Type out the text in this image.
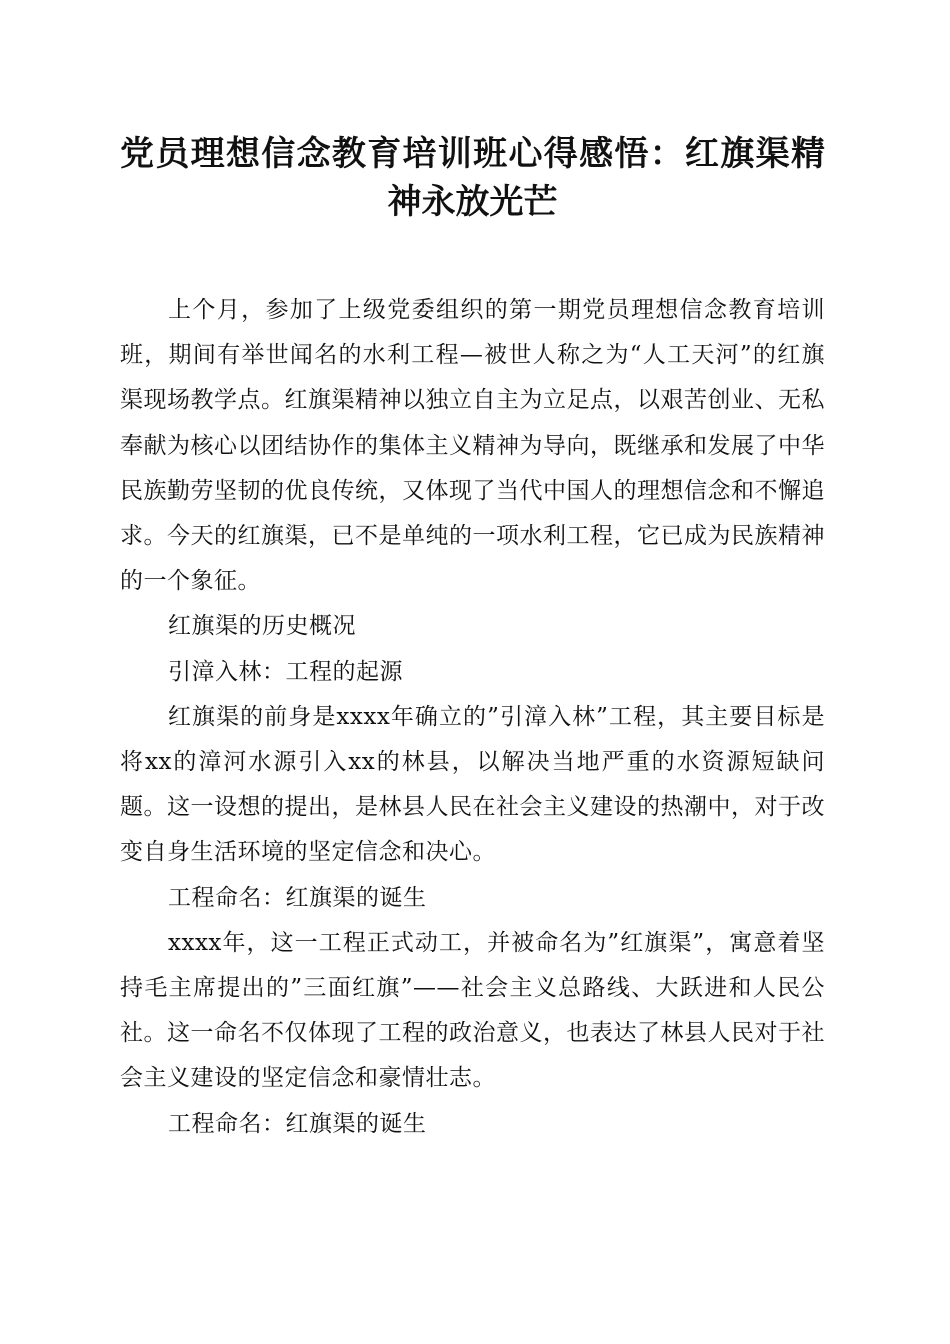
党员理想信念教育培训班心得感悟：红旗渠精神永放光芒

上个月，参加了上级党委组织的第一期党员理想信念教育培训班，期间有举世闻名的水利工程—被世人称之为“人工天河”的红旗渠现场教学点。红旗渠精神以独立自主为立足点，以艰苦创业、无私奉献为核心以团结协作的集体主义精神为导向，既继承和发展了中华民族勤劳坚韧的优良传统，又体现了当代中国人的理想信念和不懈追求。今天的红旗渠，已不是单纯的一项水利工程，它已成为民族精神的一个象征。

红旗渠的历史概况

引漳入林：工程的起源

红旗渠的前身是xxxx年确立的”引漳入林”工程，其主要目标是将xx的漳河水源引入xx的林县，以解决当地严重的水资源短缺问题。这一设想的提出，是林县人民在社会主义建设的热潮中，对于改变自身生活环境的坚定信念和决心。

工程命名：红旗渠的诞生

xxxx年，这一工程正式动工，并被命名为”红旗渠”，寓意着坚持毛主席提出的”三面红旗”——社会主义总路线、大跃进和人民公社。这一命名不仅体现了工程的政治意义，也表达了林县人民对于社会主义建设的坚定信念和豪情壮志。

工程命名：红旗渠的诞生
